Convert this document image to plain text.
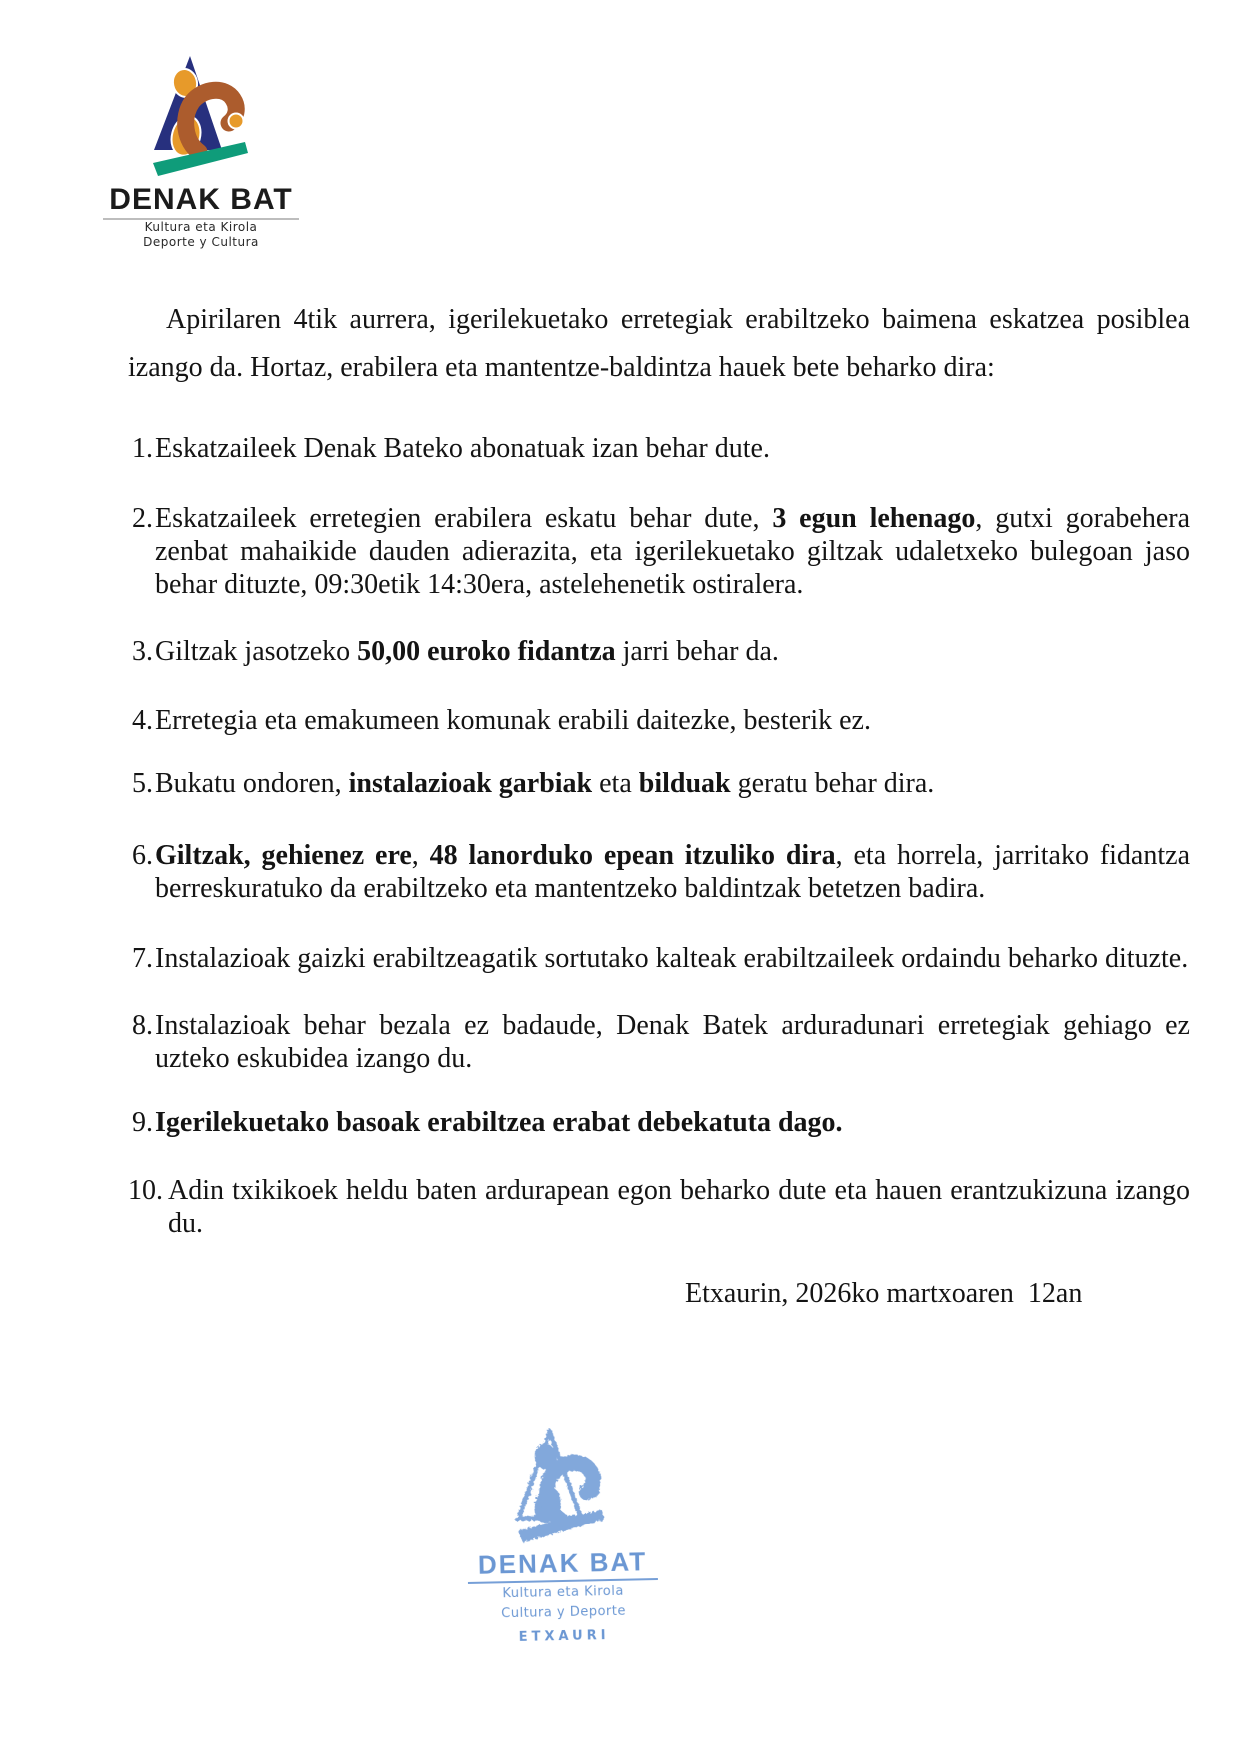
DENAK BAT
Kultura eta Kirola
Deporte y Cultura
Apirilaren 4tik aurrera, igerilekuetako erretegiak erabiltzeko baimena eskatzea posiblea izango da. Hortaz, erabilera eta mantentze-baldintza hauek bete beharko dira:
1. Eskatzaileek Denak Bateko abonatuak izan behar dute.
2. Eskatzaileek erretegien erabilera eskatu behar dute, 3 egun lehenago, gutxi gorabehera zenbat mahaikide dauden adierazita, eta igerilekuetako giltzak udaletxeko bulegoan jaso behar dituzte, 09:30etik 14:30era, astelehenetik ostiralera.
3. Giltzak jasotzeko 50,00 euroko fidantza jarri behar da.
4. Erretegia eta emakumeen komunak erabili daitezke, besterik ez.
5. Bukatu ondoren, instalazioak garbiak eta bilduak geratu behar dira.
6. Giltzak, gehienez ere, 48 lanorduko epean itzuliko dira, eta horrela, jarritako fidantza berreskuratuko da erabiltzeko eta mantentzeko baldintzak betetzen badira.
7. Instalazioak gaizki erabiltzeagatik sortutako kalteak erabiltzaileek ordaindu beharko dituzte.
8. Instalazioak behar bezala ez badaude, Denak Batek arduradunari erretegiak gehiago ez uzteko eskubidea izango du.
9. Igerilekuetako basoak erabiltzea erabat debekatuta dago.
10. Adin txikikoek heldu baten ardurapean egon beharko dute eta hauen erantzukizuna izango du.
Etxaurin, 2026ko martxoaren  12an
DENAK BAT
Kultura eta Kirola
Cultura y Deporte
ETXAURI
